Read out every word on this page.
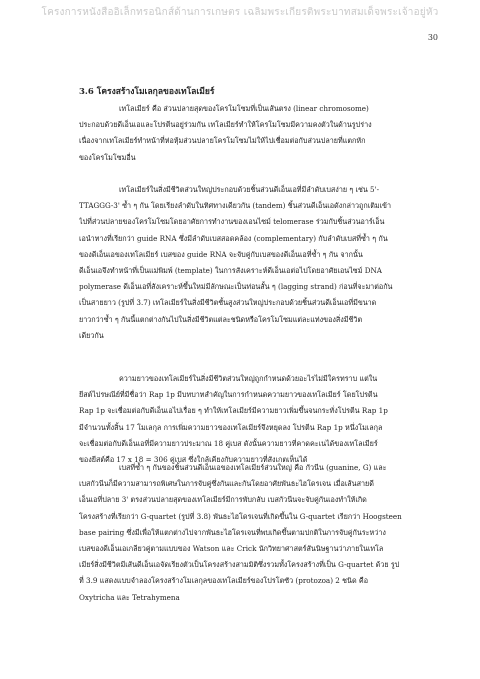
โครงการหนังสืออิเล็กทรอนิกส์ด้านการเกษตร เฉลิมพระเกียรติพระบาทสมเด็จพระเจ้าอยู่หัว
30
3.6 โครงสร้างโมเลกุลของเทโลเมียร์
เทโลเมียร์ คือ ส่วนปลายสุดของโครโมโซมที่เป็นเส้นตรง (linear chromosome)
ประกอบด้วยดีเอ็นเอและโปรตีนอยู่ร่วมกัน เทโลเมียร์ทำให้โครโมโซมมีความคงตัวในด้านรูปร่าง
เนื่องจากเทโลเมียร์ทำหน้าที่ห่อหุ้มส่วนปลายโครโมโซมไม่ให้ไปเชื่อมต่อกับส่วนปลายที่แตกหัก
ของโครโมโซมอื่น
เทโลเมียร์ในสิ่งมีชีวิตส่วนใหญ่ประกอบด้วยชิ้นส่วนดีเอ็นเอที่มีลำดับเบสง่าย ๆ เช่น 5'-
TTAGGG-3' ซ้ำ ๆ กัน โดยเรียงลำดับในทิศทางเดียวกัน (tandem) ชิ้นส่วนดีเอ็นเอดังกล่าวถูกเติมเข้า
ไปที่ส่วนปลายของโครโมโซมโดยอาศัยการทำงานของเอนไซม์ telomerase ร่วมกับชิ้นส่วนอาร์เอ็น
เอนำทางที่เรียกว่า guide RNA ซึ่งมีลำดับเบสสอดคล้อง (complementary) กับลำดับเบสที่ซ้ำ ๆ กัน
ของดีเอ็นเอของเทโลเมียร์ เบสของ guide RNA จะจับคู่กับเบสของดีเอ็นเอที่ซ้ำ ๆ กัน จากนั้น
ดีเอ็นเอจึงทำหน้าที่เป็นแม่พิมพ์ (template) ในการสังเคราะห์ดีเอ็นเอต่อไปโดยอาศัยเอนไซม์ DNA
polymerase ดีเอ็นเอที่สังเคราะห์ขึ้นใหม่มีลักษณะเป็นท่อนสั้น ๆ (lagging strand) ก่อนที่จะมาต่อกัน
เป็นสายยาว (รูปที่ 3.7) เทโลเมียร์ในสิ่งมีชีวิตชั้นสูงส่วนใหญ่ประกอบด้วยชิ้นส่วนดีเอ็นเอที่มีขนาด
ยาวกว่าซ้ำ ๆ กันนี้แตกต่างกันไปในสิ่งมีชีวิตแต่ละชนิดหรือโครโมโซมแต่ละแท่งของสิ่งมีชีวิต
เดียวกัน
ความยาวของเทโลเมียร์ในสิ่งมีชีวิตส่วนใหญ่ถูกกำหนดด้วยอะไรไม่มีใครทราบ แต่ใน
ยีสต์ไปรษณีย์ที่มีชื่อว่า Rap 1p มีบทบาทสำคัญในการกำหนดความยาวของเทโลเมียร์ โดยโปรตีน
Rap 1p จะเชื่อมต่อกับดีเอ็นเอไปเรื่อย ๆ ทำให้เทโลเมียร์มีความยาวเพิ่มขึ้นจนกระทั่งโปรตีน Rap 1p
มีจำนวนทั้งสิ้น 17 โมเลกุล การเพิ่มความยาวของเทโลเมียร์จึงหยุดลง โปรตีน Rap 1p หนึ่งโมเลกุล
จะเชื่อมต่อกับดีเอ็นเอที่มีความยาวประมาณ 18 คู่เบส ดังนั้นความยาวที่คาดคะเนได้ของเทโลเมียร์
ของยีสต์คือ 17 x 18 = 306 คู่เบส ซึ่งใกล้เคียงกับความยาวที่สังเกตเห็นได้
เบสที่ซ้ำ ๆ กันของชิ้นส่วนดีเอ็นเอของเทโลเมียร์ส่วนใหญ่ คือ กัวนีน (guanine, G) และ
เบสกัวนีนก็มีความสามารถพิเศษในการจับคู่ซึ่งกันและกันโดยอาศัยพันธะไฮโดรเจน เมื่อเส้นสายดี
เอ็นเอที่ปลาย 3' ตรงส่วนปลายสุดของเทโลเมียร์มีการพับกลับ เบสกัวนีนจะจับคู่กันเองทำให้เกิด
โครงสร้างที่เรียกว่า G-quartet (รูปที่ 3.8) พันธะไฮโดรเจนที่เกิดขึ้นใน G-quartet เรียกว่า Hoogsteen
base pairing ซึ่งมีเพื่อให้แตกต่างไปจากพันธะไฮโดรเจนที่พบเกิดขึ้นตามปกติในการจับคู่กันระหว่าง
เบสของดีเอ็นเอเกลียวคู่ตามแบบของ Watson และ Crick นักวิทยาศาสตร์สันนิษฐานว่าภายในเทโล
เมียร์สิ่งมีชีวิตมีเส้นดีเอ็นเอจัดเรียงตัวเป็นโครงสร้างสามมิติซึ่งรวมทั้งโครงสร้างที่เป็น G-quartet ด้วย รูป
ที่ 3.9 แสดงแบบจำลองโครงสร้างโมเลกุลของเทโลเมียร์ของโปรโตซัว (protozoa) 2 ชนิด คือ
Oxytricha และ Tetrahymena
